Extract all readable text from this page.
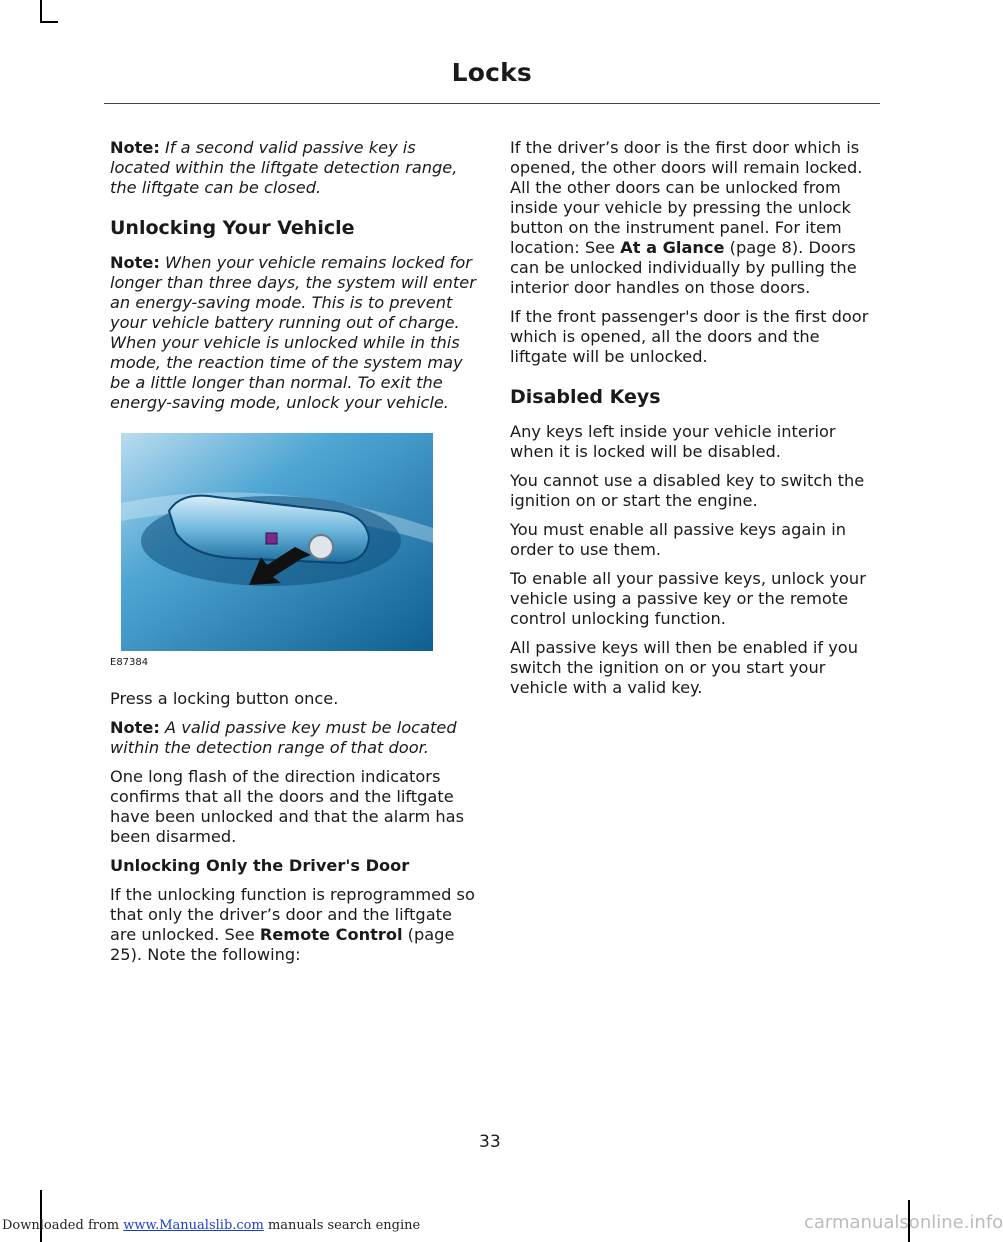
Locks

Note: If a second valid passive key is located within the liftgate detection range, the liftgate can be closed.

Unlocking Your Vehicle

Note: When your vehicle remains locked for longer than three days, the system will enter an energy-saving mode. This is to prevent your vehicle battery running out of charge. When your vehicle is unlocked while in this mode, the reaction time of the system may be a little longer than normal. To exit the energy-saving mode, unlock your vehicle.

E87384

Press a locking button once.

Note: A valid passive key must be located within the detection range of that door.

One long flash of the direction indicators confirms that all the doors and the liftgate have been unlocked and that the alarm has been disarmed.

Unlocking Only the Driver's Door

If the unlocking function is reprogrammed so that only the driver’s door and the liftgate are unlocked. See Remote Control (page 25). Note the following:

If the driver’s door is the first door which is opened, the other doors will remain locked. All the other doors can be unlocked from inside your vehicle by pressing the unlock button on the instrument panel. For item location: See At a Glance (page 8). Doors can be unlocked individually by pulling the interior door handles on those doors.

If the front passenger's door is the first door which is opened, all the doors and the liftgate will be unlocked.

Disabled Keys

Any keys left inside your vehicle interior when it is locked will be disabled.

You cannot use a disabled key to switch the ignition on or start the engine.

You must enable all passive keys again in order to use them.

To enable all your passive keys, unlock your vehicle using a passive key or the remote control unlocking function.

All passive keys will then be enabled if you switch the ignition on or you start your vehicle with a valid key.

33
Downloaded from www.Manualslib.com manuals search engine	carmanualsonline.info
